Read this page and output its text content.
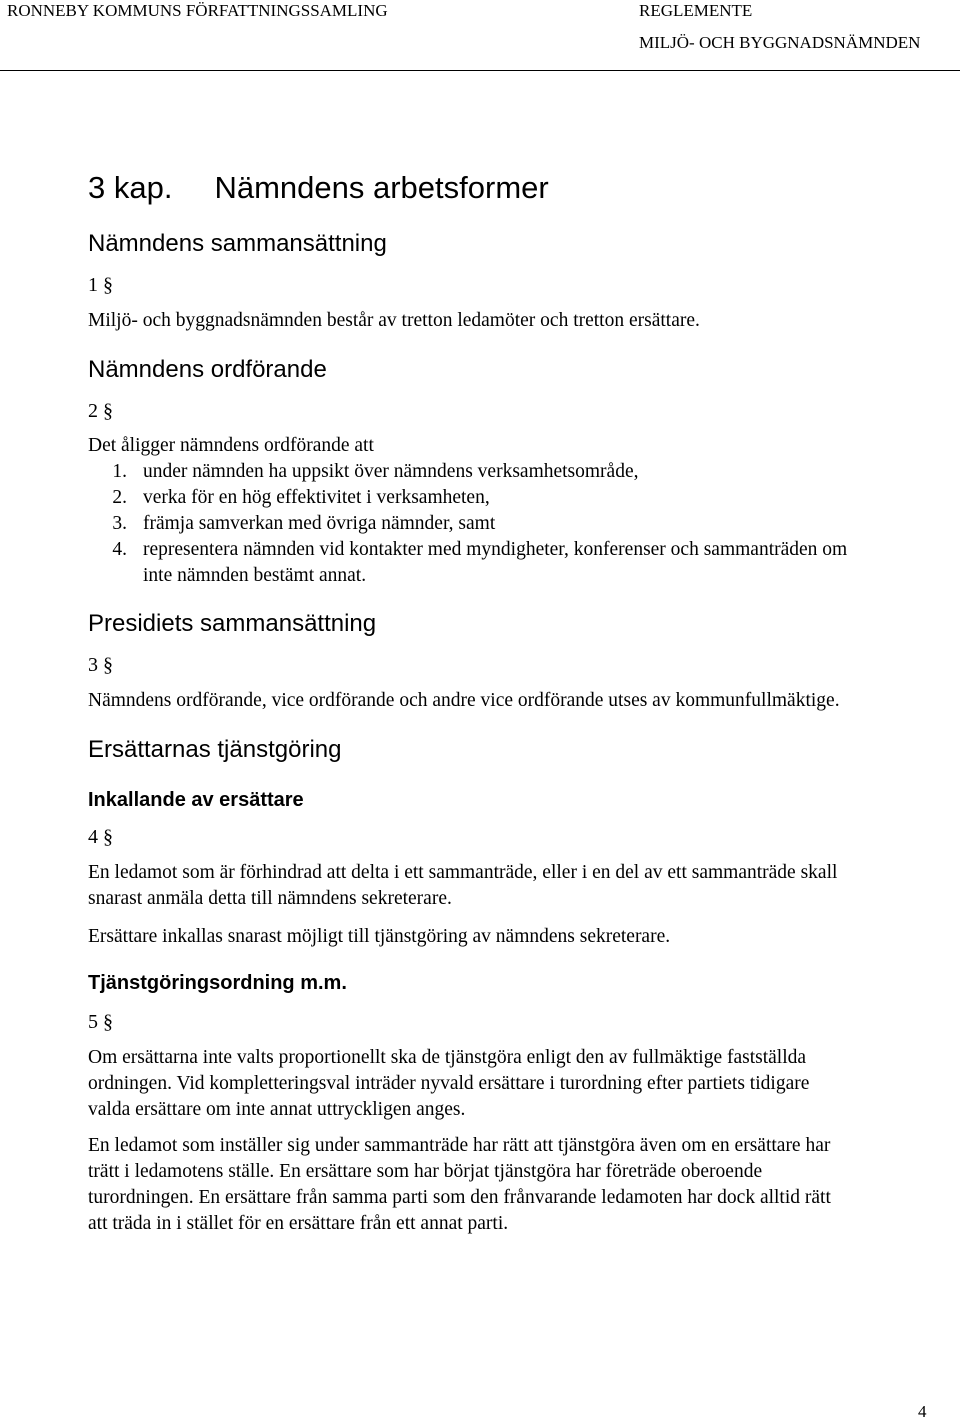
RONNEBY KOMMUNS FÖRFATTNINGSSAMLING	REGLEMENTE
MILJÖ- OCH BYGGNADSNÄMNDEN
3 kap. Nämndens arbetsformer
Nämndens sammansättning
1 §
Miljö- och byggnadsnämnden består av tretton ledamöter och tretton ersättare.
Nämndens ordförande
2 §
Det åligger nämndens ordförande att
1. under nämnden ha uppsikt över nämndens verksamhetsområde,
2. verka för en hög effektivitet i verksamheten,
3. främja samverkan med övriga nämnder, samt
4. representera nämnden vid kontakter med myndigheter, konferenser och sammanträden om
inte nämnden bestämt annat.
Presidiets sammansättning
3 §
Nämndens ordförande, vice ordförande och andre vice ordförande utses av kommunfullmäktige.
Ersättarnas tjänstgöring
Inkallande av ersättare
4 §
En ledamot som är förhindrad att delta i ett sammanträde, eller i en del av ett sammanträde skall
snarast anmäla detta till nämndens sekreterare.
Ersättare inkallas snarast möjligt till tjänstgöring av nämndens sekreterare.
Tjänstgöringsordning m.m.
5 §
Om ersättarna inte valts proportionellt ska de tjänstgöra enligt den av fullmäktige fastställda
ordningen. Vid kompletteringsval inträder nyvald ersättare i turordning efter partiets tidigare
valda ersättare om inte annat uttryckligen anges.
En ledamot som inställer sig under sammanträde har rätt att tjänstgöra även om en ersättare har
trätt i ledamotens ställe. En ersättare som har börjat tjänstgöra har företräde oberoende
turordningen. En ersättare från samma parti som den frånvarande ledamoten har dock alltid rätt
att träda in i stället för en ersättare från ett annat parti.
4
